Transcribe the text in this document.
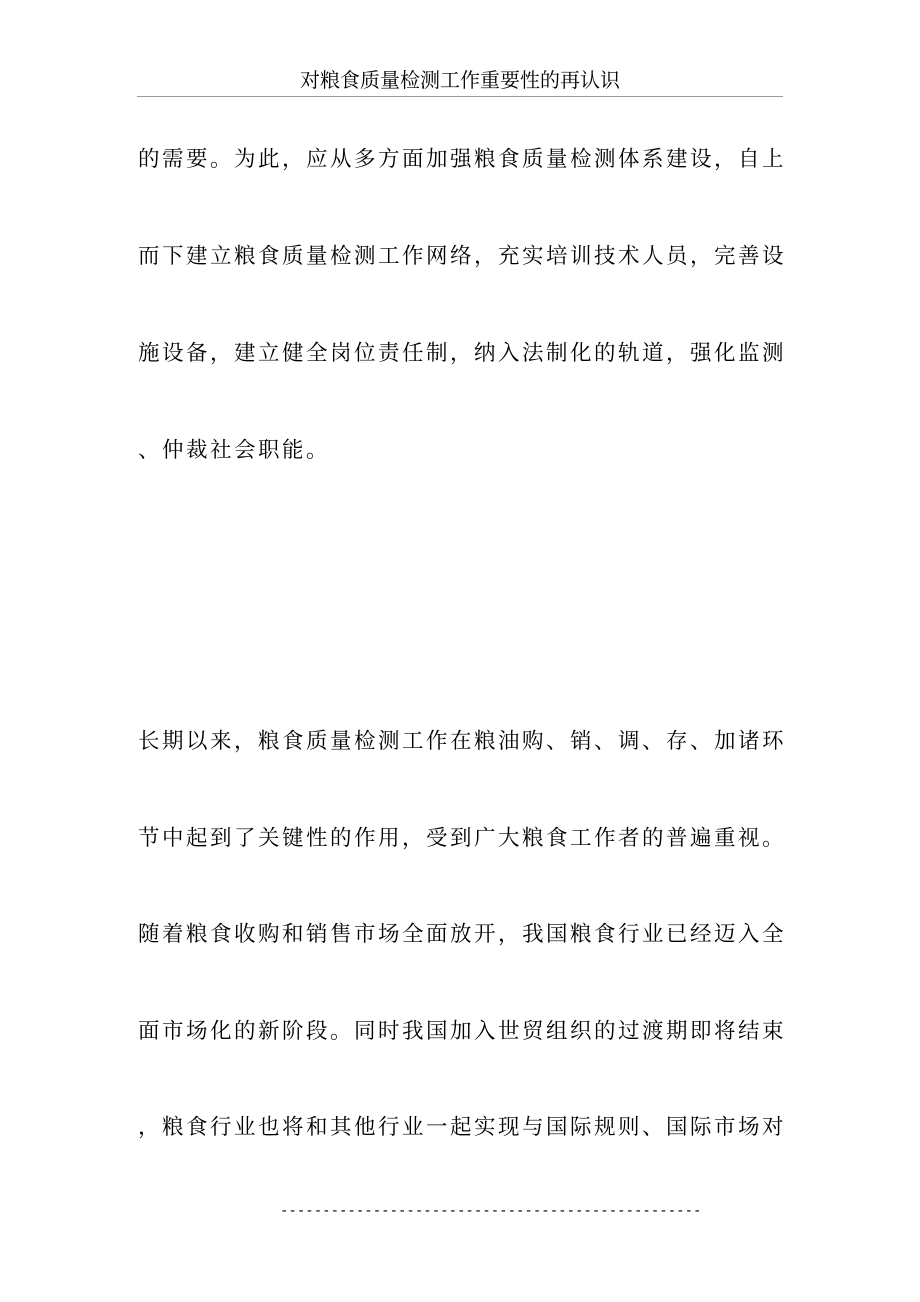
对粮食质量检测工作重要性的再认识
的需要。为此，应从多方面加强粮食质量检测体系建设，自上
而下建立粮食质量检测工作网络，充实培训技术人员，完善设
施设备，建立健全岗位责任制，纳入法制化的轨道，强化监测
、仲裁社会职能。
长期以来，粮食质量检测工作在粮油购、销、调、存、加诸环
节中起到了关键性的作用，受到广大粮食工作者的普遍重视。
随着粮食收购和销售市场全面放开，我国粮食行业已经迈入全
面市场化的新阶段。同时我国加入世贸组织的过渡期即将结束
，粮食行业也将和其他行业一起实现与国际规则、国际市场对
--------------------------------------------------
